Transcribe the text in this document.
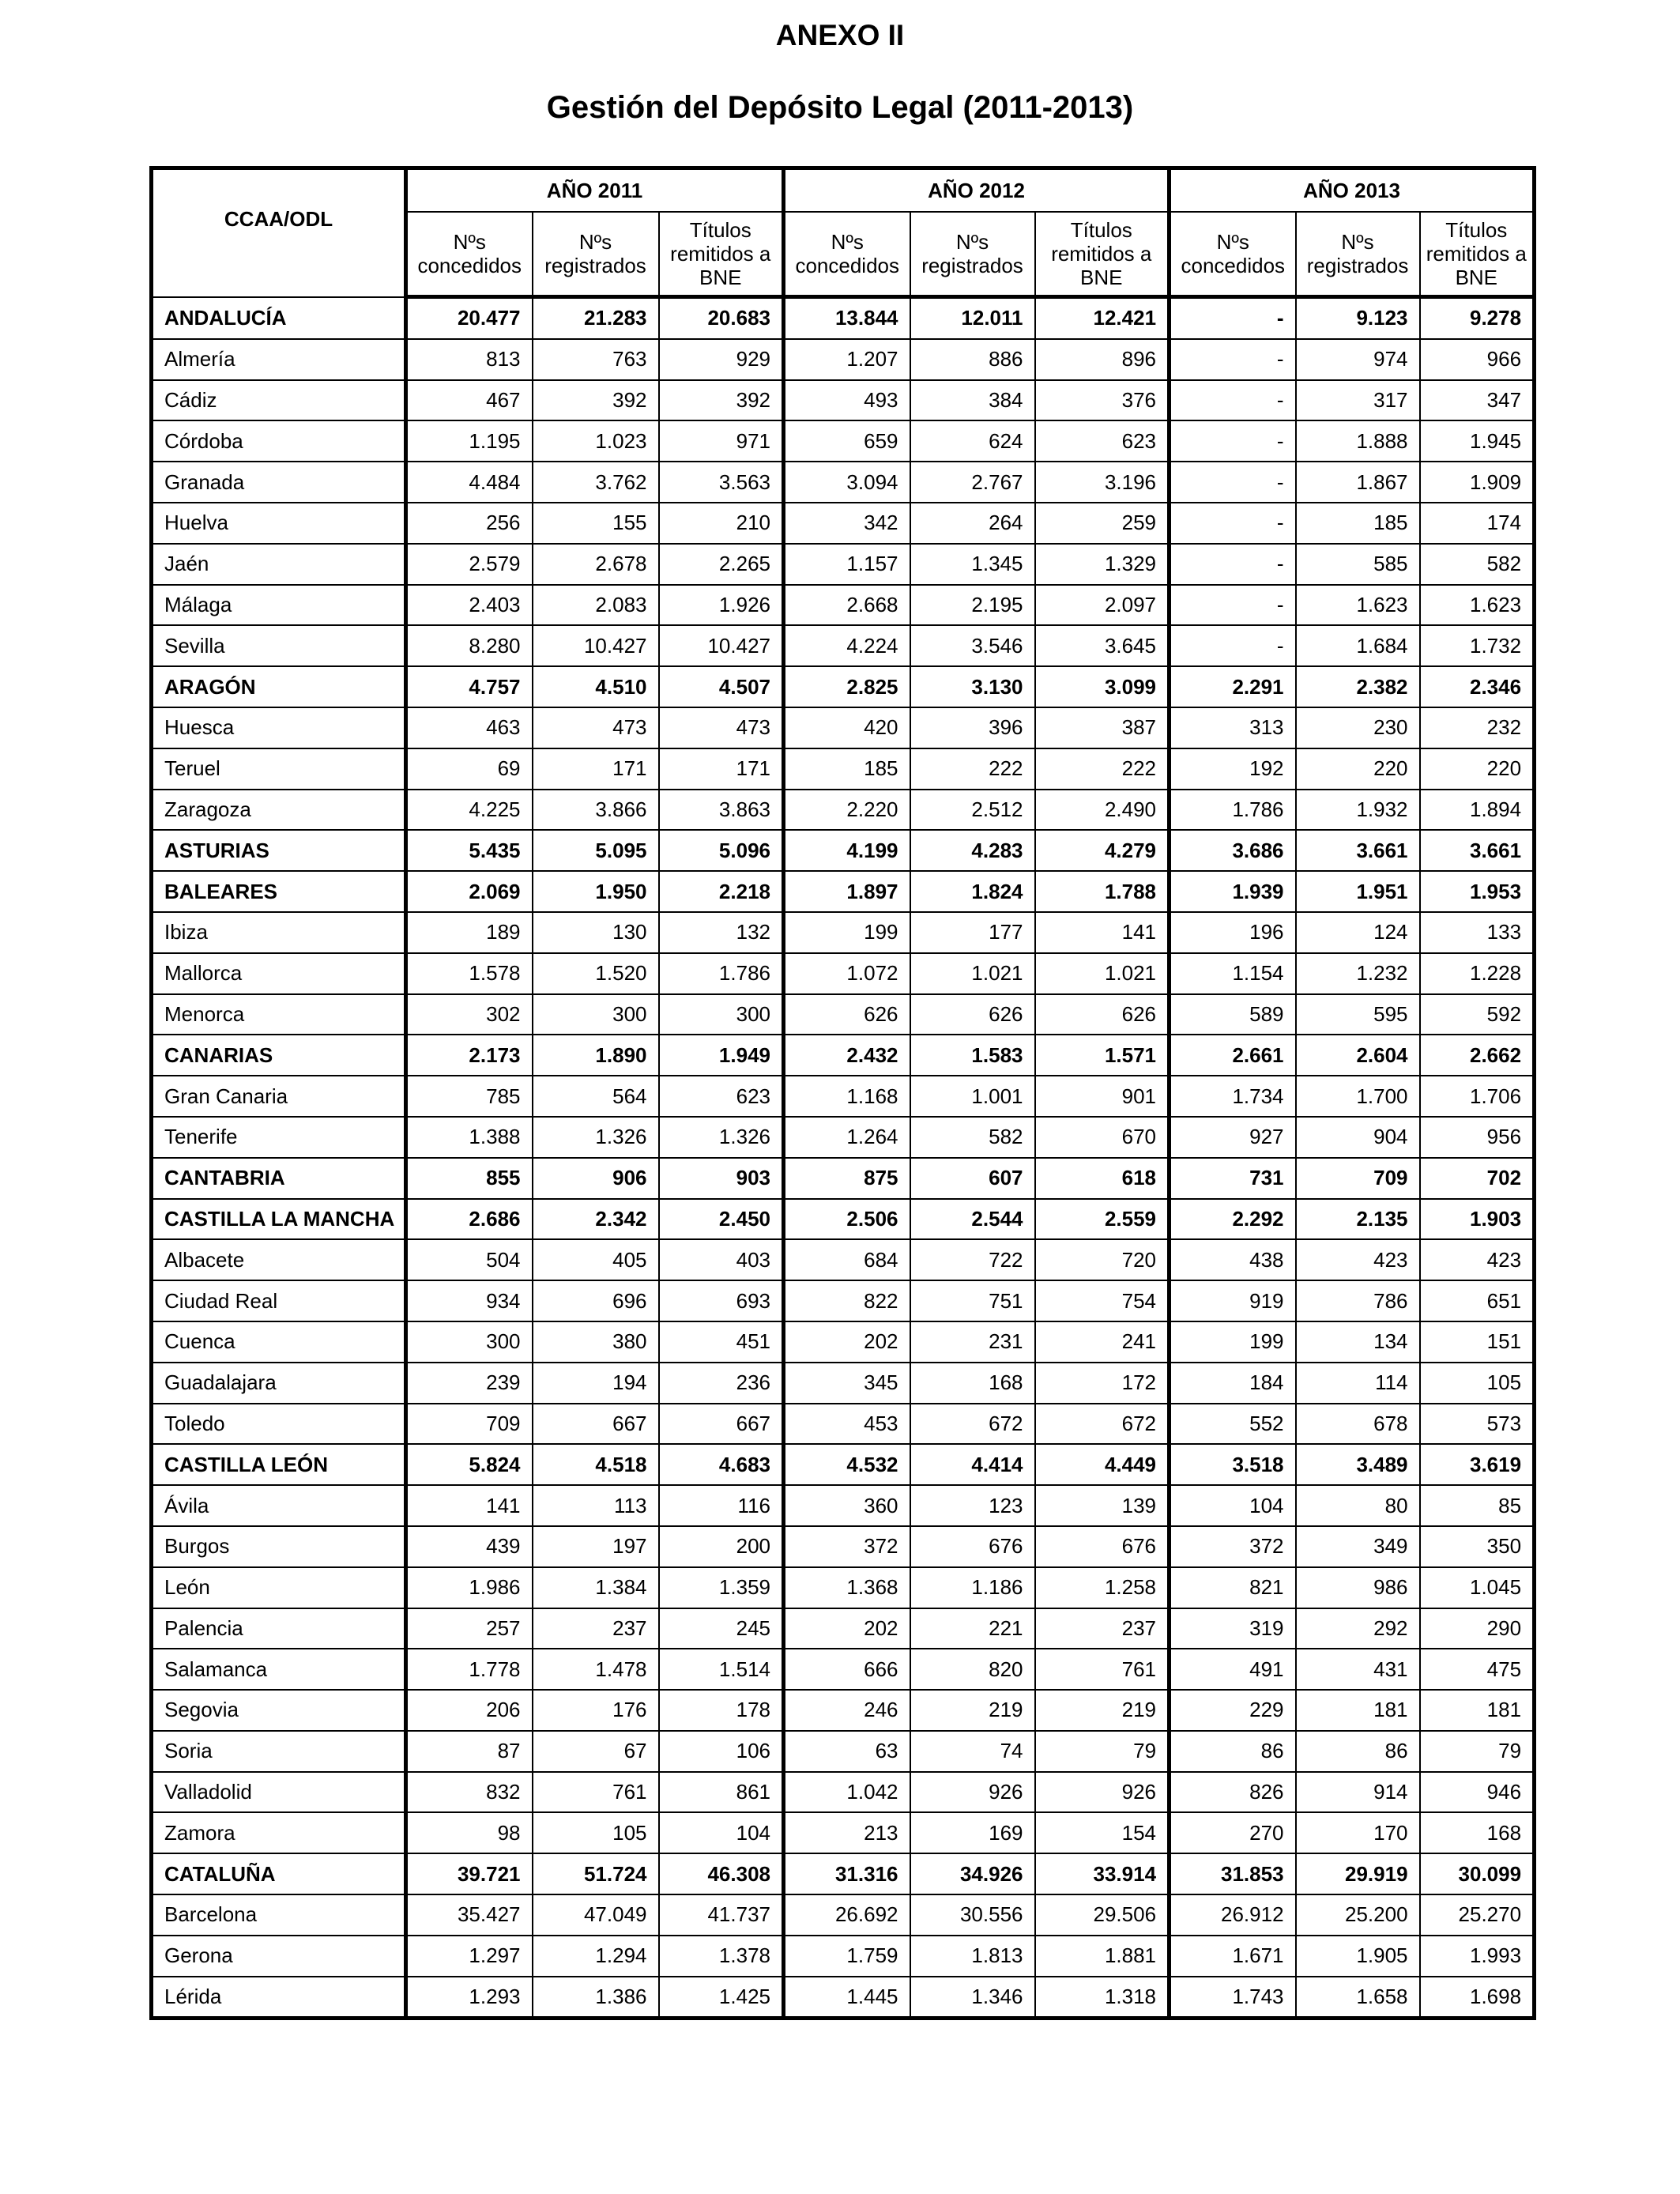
ANEXO II
Gestión del Depósito Legal (2011-2013)
CCAA/ODL	AÑO 2011			AÑO 2012			AÑO 2013		
	Nºs concedidos	Nºs registrados	Títulos remitidos a BNE	Nºs concedidos	Nºs registrados	Títulos remitidos a BNE	Nºs concedidos	Nºs registrados	Títulos remitidos a BNE
ANDALUCÍA	20.477	21.283	20.683	13.844	12.011	12.421	-	9.123	9.278
Almería	813	763	929	1.207	886	896	-	974	966
Cádiz	467	392	392	493	384	376	-	317	347
Córdoba	1.195	1.023	971	659	624	623	-	1.888	1.945
Granada	4.484	3.762	3.563	3.094	2.767	3.196	-	1.867	1.909
Huelva	256	155	210	342	264	259	-	185	174
Jaén	2.579	2.678	2.265	1.157	1.345	1.329	-	585	582
Málaga	2.403	2.083	1.926	2.668	2.195	2.097	-	1.623	1.623
Sevilla	8.280	10.427	10.427	4.224	3.546	3.645	-	1.684	1.732
ARAGÓN	4.757	4.510	4.507	2.825	3.130	3.099	2.291	2.382	2.346
Huesca	463	473	473	420	396	387	313	230	232
Teruel	69	171	171	185	222	222	192	220	220
Zaragoza	4.225	3.866	3.863	2.220	2.512	2.490	1.786	1.932	1.894
ASTURIAS	5.435	5.095	5.096	4.199	4.283	4.279	3.686	3.661	3.661
BALEARES	2.069	1.950	2.218	1.897	1.824	1.788	1.939	1.951	1.953
Ibiza	189	130	132	199	177	141	196	124	133
Mallorca	1.578	1.520	1.786	1.072	1.021	1.021	1.154	1.232	1.228
Menorca	302	300	300	626	626	626	589	595	592
CANARIAS	2.173	1.890	1.949	2.432	1.583	1.571	2.661	2.604	2.662
Gran Canaria	785	564	623	1.168	1.001	901	1.734	1.700	1.706
Tenerife	1.388	1.326	1.326	1.264	582	670	927	904	956
CANTABRIA	855	906	903	875	607	618	731	709	702
CASTILLA LA MANCHA	2.686	2.342	2.450	2.506	2.544	2.559	2.292	2.135	1.903
Albacete	504	405	403	684	722	720	438	423	423
Ciudad Real	934	696	693	822	751	754	919	786	651
Cuenca	300	380	451	202	231	241	199	134	151
Guadalajara	239	194	236	345	168	172	184	114	105
Toledo	709	667	667	453	672	672	552	678	573
CASTILLA LEÓN	5.824	4.518	4.683	4.532	4.414	4.449	3.518	3.489	3.619
Ávila	141	113	116	360	123	139	104	80	85
Burgos	439	197	200	372	676	676	372	349	350
León	1.986	1.384	1.359	1.368	1.186	1.258	821	986	1.045
Palencia	257	237	245	202	221	237	319	292	290
Salamanca	1.778	1.478	1.514	666	820	761	491	431	475
Segovia	206	176	178	246	219	219	229	181	181
Soria	87	67	106	63	74	79	86	86	79
Valladolid	832	761	861	1.042	926	926	826	914	946
Zamora	98	105	104	213	169	154	270	170	168
CATALUÑA	39.721	51.724	46.308	31.316	34.926	33.914	31.853	29.919	30.099
Barcelona	35.427	47.049	41.737	26.692	30.556	29.506	26.912	25.200	25.270
Gerona	1.297	1.294	1.378	1.759	1.813	1.881	1.671	1.905	1.993
Lérida	1.293	1.386	1.425	1.445	1.346	1.318	1.743	1.658	1.698
